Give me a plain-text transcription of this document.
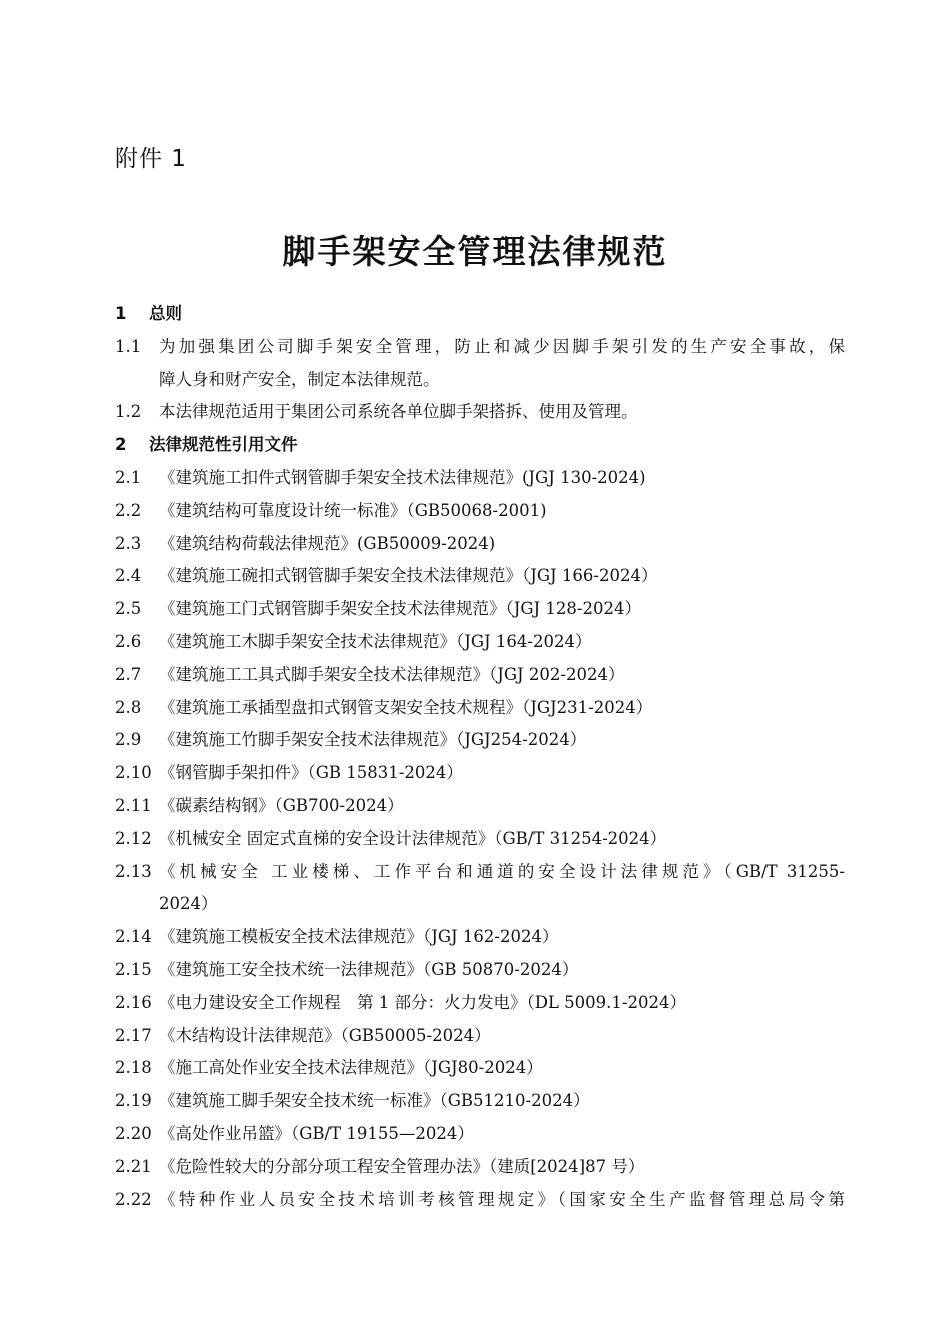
附件 1
脚手架安全管理法律规范
1 总则
1.1	为加强集团公司脚手架安全管理，防止和减少因脚手架引发的生产安全事故，保
障人身和财产安全，制定本法律规范。
1.2 本法律规范适用于集团公司系统各单位脚手架搭拆、使用及管理。
2 法律规范性引用文件
2.1 《建筑施工扣件式钢管脚手架安全技术法律规范》(JGJ 130-2024)
2.2 《建筑结构可靠度设计统一标准》（GB50068-2001)
2.3 《建筑结构荷载法律规范》(GB50009-2024)
2.4 《建筑施工碗扣式钢管脚手架安全技术法律规范》（JGJ 166-2024）
2.5 《建筑施工门式钢管脚手架安全技术法律规范》（JGJ 128-2024）
2.6 《建筑施工木脚手架安全技术法律规范》（JGJ 164-2024）
2.7 《建筑施工工具式脚手架安全技术法律规范》（JGJ 202-2024）
2.8 《建筑施工承插型盘扣式钢管支架安全技术规程》（JGJ231-2024）
2.9 《建筑施工竹脚手架安全技术法律规范》（JGJ254-2024）
2.10 《钢管脚手架扣件》（GB 15831-2024）
2.11 《碳素结构钢》（GB700-2024）
2.12 《机械安全 固定式直梯的安全设计法律规范》（GB/T 31254-2024）
2.13 《机械安全 工业楼梯、工作平台和通道的安全设计法律规范》（GB/T 31255-
2024）
2.14 《建筑施工模板安全技术法律规范》（JGJ 162-2024）
2.15 《建筑施工安全技术统一法律规范》（GB 50870-2024）
2.16 《电力建设安全工作规程　第 1 部分：火力发电》（DL 5009.1-2024）
2.17 《木结构设计法律规范》（GB50005-2024）
2.18 《施工高处作业安全技术法律规范》（JGJ80-2024）
2.19 《建筑施工脚手架安全技术统一标准》（GB51210-2024）
2.20 《高处作业吊篮》（GB/T 19155—2024）
2.21 《危险性较大的分部分项工程安全管理办法》（建质[2024]87 号）
2.22 《特种作业人员安全技术培训考核管理规定》（国家安全生产监督管理总局令第
